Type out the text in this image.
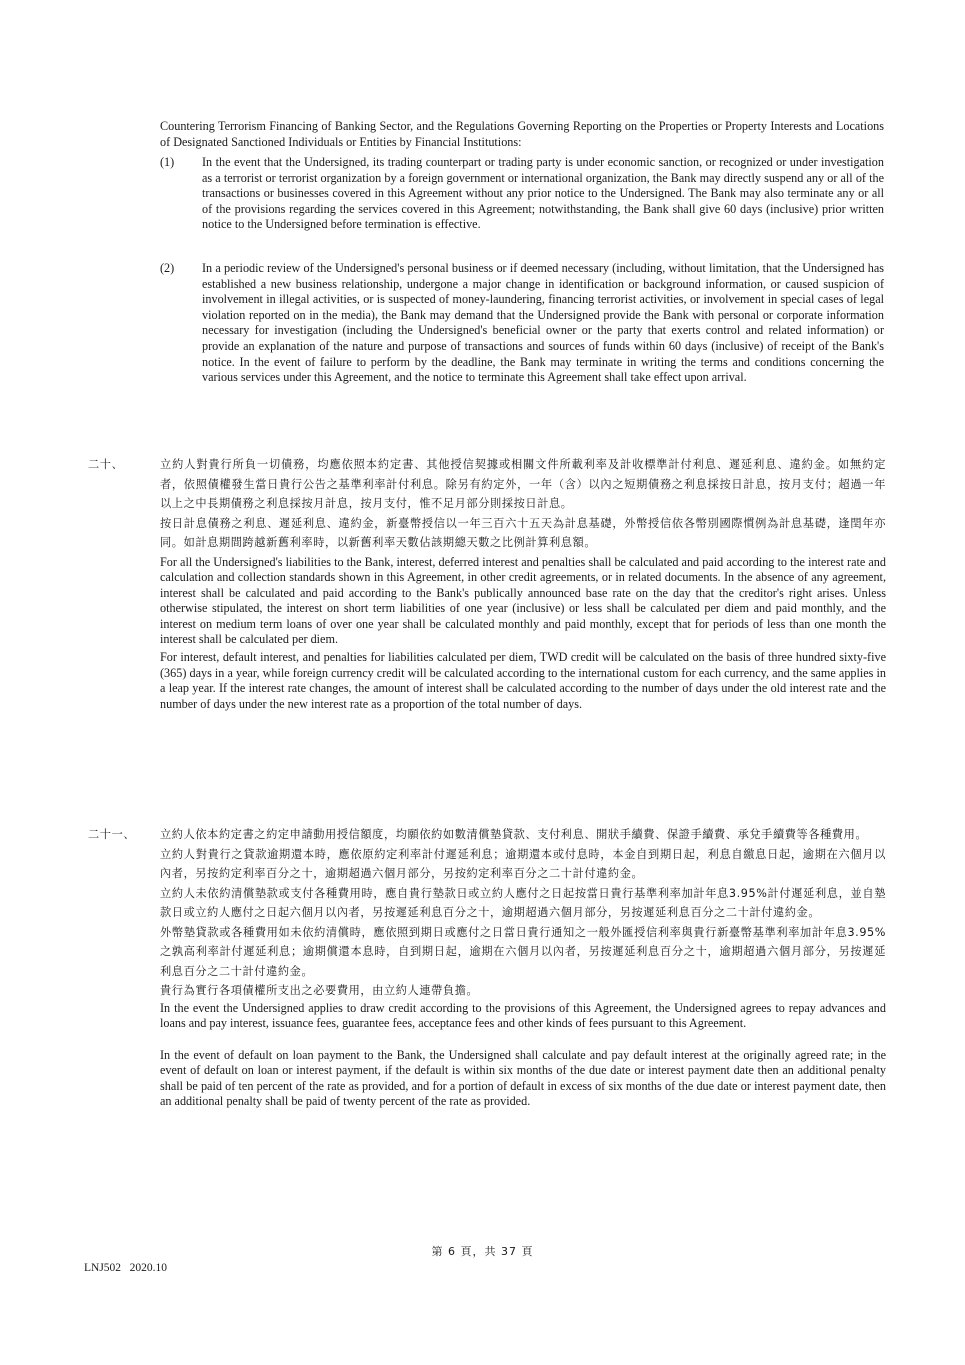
Countering Terrorism Financing of Banking Sector, and the Regulations Governing Reporting on the Properties or Property Interests and Locations of Designated Sanctioned Individuals or Entities by Financial Institutions:

(1)	In the event that the Undersigned, its trading counterpart or trading party is under economic sanction, or recognized or under investigation as a terrorist or terrorist organization by a foreign government or international organization, the Bank may directly suspend any or all of the transactions or businesses covered in this Agreement without any prior notice to the Undersigned. The Bank may also terminate any or all of the provisions regarding the services covered in this Agreement; notwithstanding, the Bank shall give 60 days (inclusive) prior written notice to the Undersigned before termination is effective.

(2)	In a periodic review of the Undersigned's personal business or if deemed necessary (including, without limitation, that the Undersigned has established a new business relationship, undergone a major change in identification or background information, or caused suspicion of involvement in illegal activities, or is suspected of money-laundering, financing terrorist activities, or involvement in special cases of legal violation reported on in the media), the Bank may demand that the Undersigned provide the Bank with personal or corporate information necessary for investigation (including the Undersigned's beneficial owner or the party that exerts control and related information) or provide an explanation of the nature and purpose of transactions and sources of funds within 60 days (inclusive) of receipt of the Bank's notice. In the event of failure to perform by the deadline, the Bank may terminate in writing the terms and conditions concerning the various services under this Agreement, and the notice to terminate this Agreement shall take effect upon arrival.

二十、	立約人對貴行所負一切債務，均應依照本約定書、其他授信契據或相關文件所載利率及計收標準計付利息、遲延利息、違約金。如無約定者，依照債權發生當日貴行公告之基準利率計付利息。除另有約定外，一年（含）以內之短期債務之利息採按日計息，按月支付；超過一年以上之中長期債務之利息採按月計息，按月支付，惟不足月部分則採按日計息。

按日計息債務之利息、遲延利息、違約金，新臺幣授信以一年三百六十五天為計息基礎，外幣授信依各幣別國際慣例為計息基礎，逢閏年亦同。如計息期間跨越新舊利率時，以新舊利率天數佔該期總天數之比例計算利息額。

For all the Undersigned's liabilities to the Bank, interest, deferred interest and penalties shall be calculated and paid according to the interest rate and calculation and collection standards shown in this Agreement, in other credit agreements, or in related documents. In the absence of any agreement, interest shall be calculated and paid according to the Bank's publically announced base rate on the day that the creditor's right arises. Unless otherwise stipulated, the interest on short term liabilities of one year (inclusive) or less shall be calculated per diem and paid monthly, and the interest on medium term loans of over one year shall be calculated monthly and paid monthly, except that for periods of less than one month the interest shall be calculated per diem.

For interest, default interest, and penalties for liabilities calculated per diem, TWD credit will be calculated on the basis of three hundred sixty-five (365) days in a year, while foreign currency credit will be calculated according to the international custom for each currency, and the same applies in a leap year. If the interest rate changes, the amount of interest shall be calculated according to the number of days under the old interest rate and the number of days under the new interest rate as a proportion of the total number of days.

二十一、 立約人依本約定書之約定申請動用授信額度，均願依約如數清償墊貸款、支付利息、開狀手續費、保證手續費、承兌手續費等各種費用。

立約人對貴行之貸款逾期還本時，應依原約定利率計付遲延利息；逾期還本或付息時，本金自到期日起，利息自繳息日起，逾期在六個月以內者，另按約定利率百分之十，逾期超過六個月部分，另按約定利率百分之二十計付違約金。

立約人未依約清償墊款或支付各種費用時，應自貴行墊款日或立約人應付之日起按當日貴行基準利率加計年息3.95%計付遲延利息，並自墊款日或立約人應付之日起六個月以內者，另按遲延利息百分之十，逾期超過六個月部分，另按遲延利息百分之二十計付違約金。

外幣墊貸款或各種費用如未依約清償時，應依照到期日或應付之日當日貴行通知之一般外匯授信利率與貴行新臺幣基準利率加計年息3.95%之孰高利率計付遲延利息；逾期償還本息時，自到期日起，逾期在六個月以內者，另按遲延利息百分之十，逾期超過六個月部分，另按遲延利息百分之二十計付違約金。

貴行為實行各項債權所支出之必要費用，由立約人連帶負擔。

In the event the Undersigned applies to draw credit according to the provisions of this Agreement, the Undersigned agrees to repay advances and loans and pay interest, issuance fees, guarantee fees, acceptance fees and other kinds of fees pursuant to this Agreement.

In the event of default on loan payment to the Bank, the Undersigned shall calculate and pay default interest at the originally agreed rate; in the event of default on loan or interest payment, if the default is within six months of the due date or interest payment date then an additional penalty shall be paid of ten percent of the rate as provided, and for a portion of default in excess of six months of the due date or interest payment date, then an additional penalty shall be paid of twenty percent of the rate as provided.

第 6 頁，共 37 頁
LNJ502   2020.10
